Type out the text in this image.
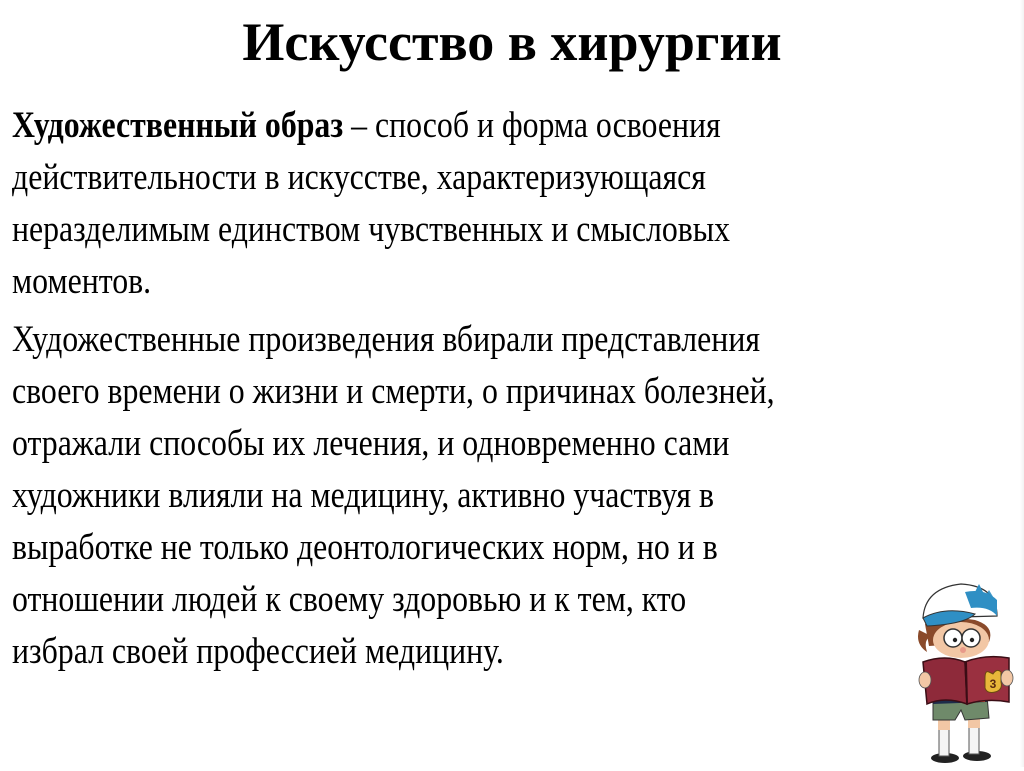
Искусство в хирургии

Художественный образ – способ и форма освоения
действительности в искусстве, характеризующаяся
неразделимым единством чувственных и смысловых
моментов.

Художественные произведения вбирали представления
своего времени о жизни и смерти, о причинах болезней,
отражали способы их лечения, и одновременно сами
художники влияли на медицину, активно участвуя в
выработке не только деонтологических норм, но и в
отношении людей к своему здоровью и к тем, кто
избрал своей профессией медицину.

3
